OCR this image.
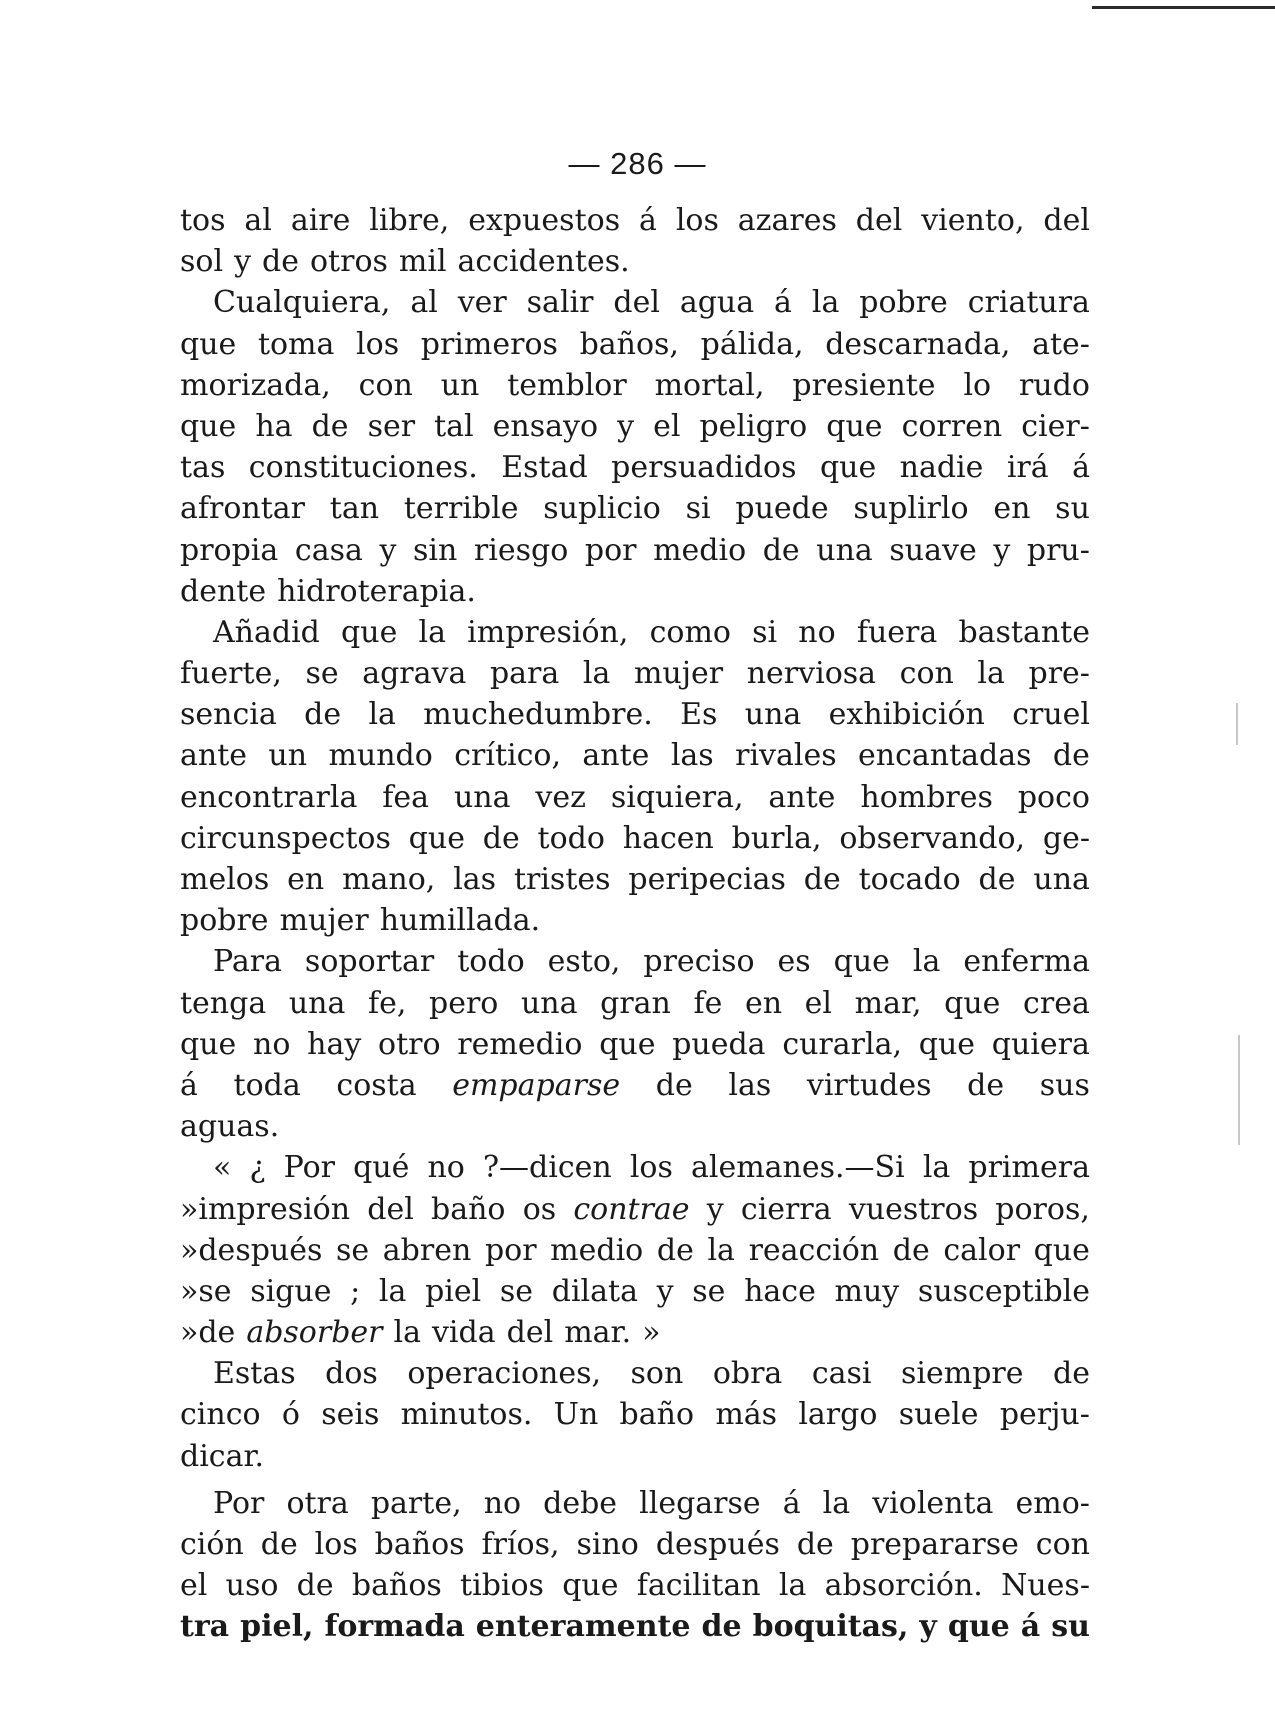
— 286 —
tos al aire libre, expuestos á los azares del viento, del
sol y de otros mil accidentes.
Cualquiera, al ver salir del agua á la pobre criatura
que toma los primeros baños, pálida, descarnada, ate-
morizada, con un temblor mortal, presiente lo rudo
que ha de ser tal ensayo y el peligro que corren cier-
tas constituciones. Estad persuadidos que nadie irá á
afrontar tan terrible suplicio si puede suplirlo en su
propia casa y sin riesgo por medio de una suave y pru-
dente hidroterapia.
Añadid que la impresión, como si no fuera bastante
fuerte, se agrava para la mujer nerviosa con la pre-
sencia de la muchedumbre. Es una exhibición cruel
ante un mundo crítico, ante las rivales encantadas de
encontrarla fea una vez siquiera, ante hombres poco
circunspectos que de todo hacen burla, observando, ge-
melos en mano, las tristes peripecias de tocado de una
pobre mujer humillada.
Para soportar todo esto, preciso es que la enferma
tenga una fe, pero una gran fe en el mar, que crea
que no hay otro remedio que pueda curarla, que quiera
á toda costa empaparse de las virtudes de sus
aguas.
« ¿ Por qué no ?—dicen los alemanes.—Si la primera
»impresión del baño os contrae y cierra vuestros poros,
»después se abren por medio de la reacción de calor que
»se sigue ; la piel se dilata y se hace muy susceptible
»de absorber la vida del mar. »
Estas dos operaciones, son obra casi siempre de
cinco ó seis minutos. Un baño más largo suele perju-
dicar.
Por otra parte, no debe llegarse á la violenta emo-
ción de los baños fríos, sino después de prepararse con
el uso de baños tibios que facilitan la absorción. Nues-
tra piel, formada enteramente de boquitas, y que á su
